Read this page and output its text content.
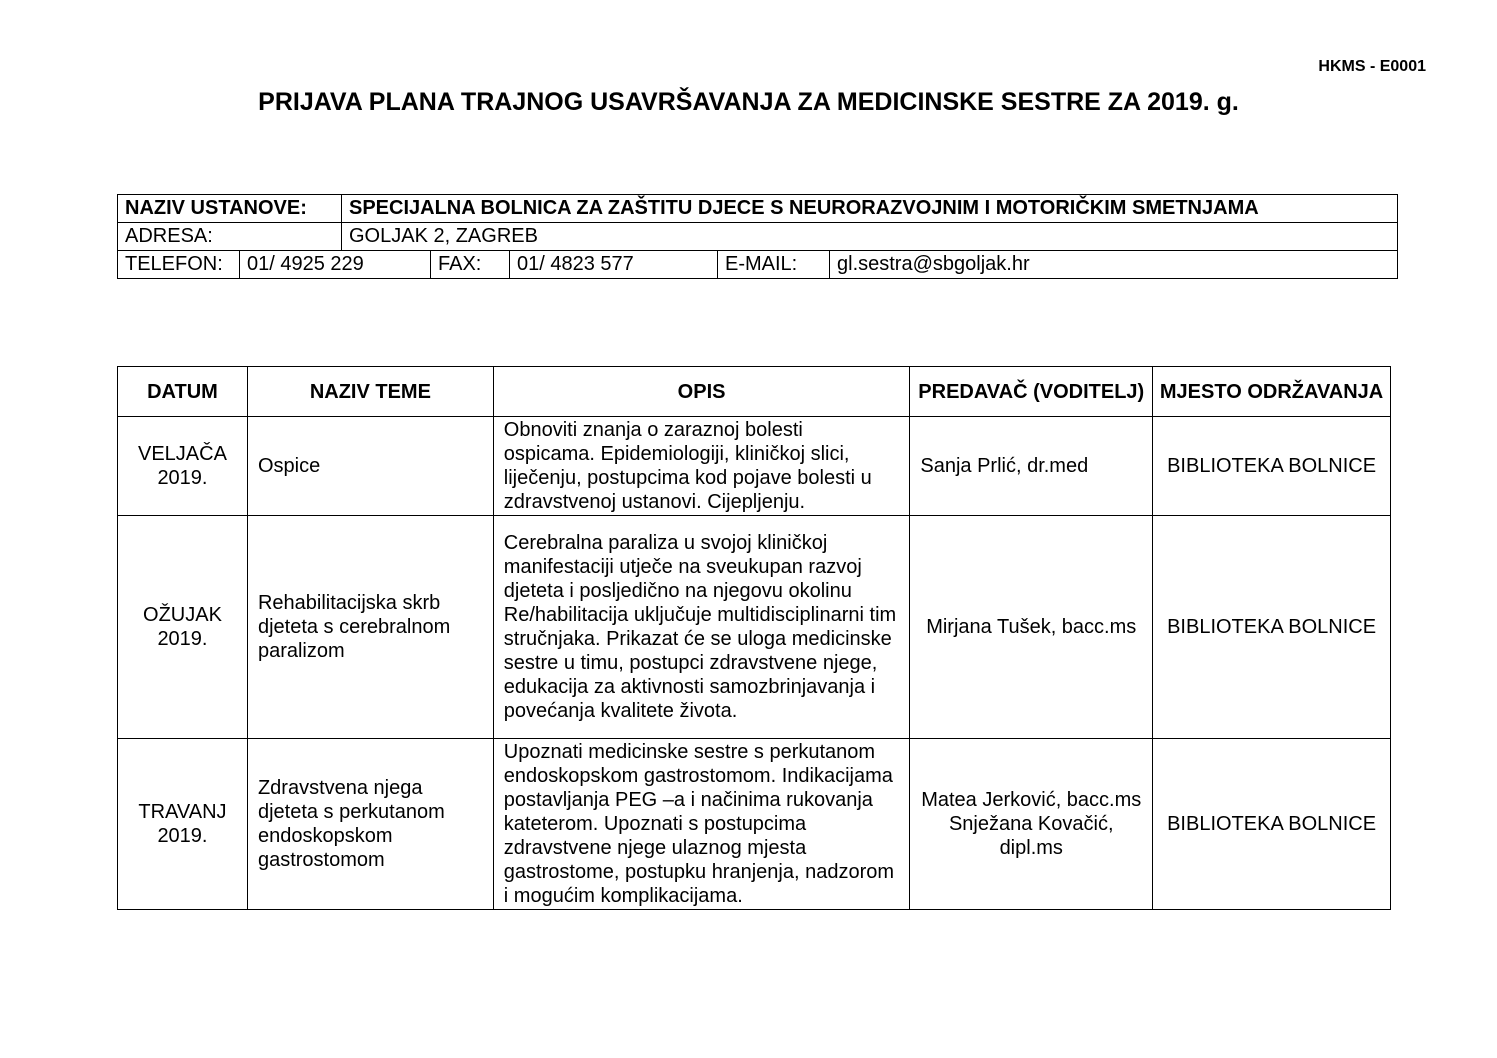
HKMS - E0001
PRIJAVA PLANA TRAJNOG USAVRŠAVANJA ZA MEDICINSKE SESTRE ZA 2019. g.
NAZIV USTANOVE:		SPECIJALNA BOLNICA ZA ZAŠTITU DJECE S NEURORAZVOJNIM I MOTORIČKIM SMETNJAMA				
ADRESA:		GOLJAK 2, ZAGREB				
TELEFON:	01/ 4925 229		FAX:	01/ 4823 577	E-MAIL:	gl.sestra@sbgoljak.hr
DATUM	NAZIV TEME	OPIS	PREDAVAČ (VODITELJ)	MJESTO ODRŽAVANJA
VELJAČA 2019.	Ospice	Obnoviti znanja o zaraznoj bolesti ospicama. Epidemiologiji, kliničkoj slici, liječenju, postupcima kod pojave bolesti u zdravstvenoj ustanovi. Cijepljenju.	Sanja Prlić, dr.med	BIBLIOTEKA BOLNICE
OŽUJAK 2019.	Rehabilitacijska skrb djeteta s cerebralnom paralizom	Cerebralna paraliza u svojoj kliničkoj manifestaciji utječe na sveukupan razvoj djeteta i posljedično na njegovu okolinu Re/habilitacija uključuje multidisciplinarni tim stručnjaka. Prikazat će se uloga medicinske sestre u timu, postupci zdravstvene njege, edukacija za aktivnosti samozbrinjavanja i povećanja kvalitete života.	Mirjana Tušek, bacc.ms	BIBLIOTEKA BOLNICE
TRAVANJ 2019.	Zdravstvena njega djeteta s perkutanom endoskopskom gastrostomom	Upoznati medicinske sestre s perkutanom endoskopskom gastrostomom. Indikacijama postavljanja PEG –a i načinima rukovanja kateterom. Upoznati s postupcima zdravstvene njege ulaznog mjesta gastrostome, postupku hranjenja, nadzorom i mogućim komplikacijama.	Matea Jerković, bacc.ms Snježana Kovačić, dipl.ms	BIBLIOTEKA BOLNICE
